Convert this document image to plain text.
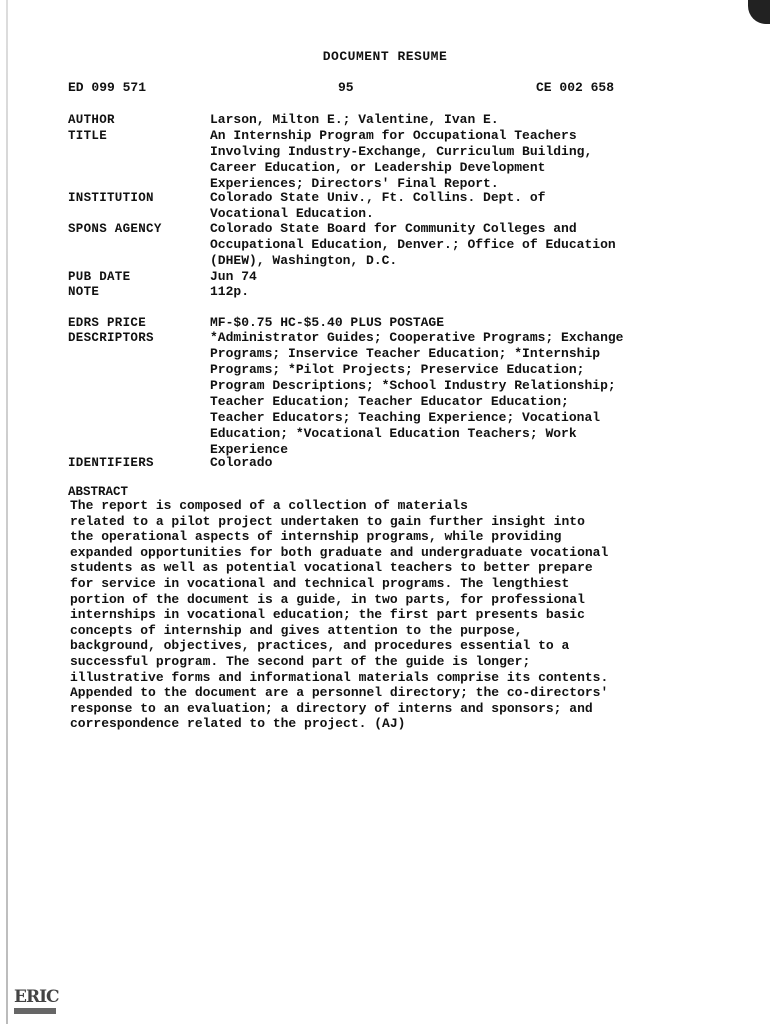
DOCUMENT RESUME
ED 099 571	95	CE 002 658
AUTHOR	Larson, Milton E.; Valentine, Ivan E.
TITLE	An Internship Program for Occupational Teachers
Involving Industry-Exchange, Curriculum Building,
Career Education, or Leadership Development
Experiences; Directors' Final Report.
INSTITUTION	Colorado State Univ., Ft. Collins. Dept. of
Vocational Education.
SPONS AGENCY	Colorado State Board for Community Colleges and
Occupational Education, Denver.; Office of Education
(DHEW), Washington, D.C.
PUB DATE	Jun 74
NOTE	112p.
EDRS PRICE	MF-$0.75 HC-$5.40 PLUS POSTAGE
DESCRIPTORS	*Administrator Guides; Cooperative Programs; Exchange
Programs; Inservice Teacher Education; *Internship
Programs; *Pilot Projects; Preservice Education;
Program Descriptions; *School Industry Relationship;
Teacher Education; Teacher Educator Education;
Teacher Educators; Teaching Experience; Vocational
Education; *Vocational Education Teachers; Work
Experience
IDENTIFIERS	Colorado
ABSTRACT
The report is composed of a collection of materials
related to a pilot project undertaken to gain further insight into
the operational aspects of internship programs, while providing
expanded opportunities for both graduate and undergraduate vocational
students as well as potential vocational teachers to better prepare
for service in vocational and technical programs. The lengthiest
portion of the document is a guide, in two parts, for professional
internships in vocational education; the first part presents basic
concepts of internship and gives attention to the purpose,
background, objectives, practices, and procedures essential to a
successful program. The second part of the guide is longer;
illustrative forms and informational materials comprise its contents.
Appended to the document are a personnel directory; the co-directors'
response to an evaluation; a directory of interns and sponsors; and
correspondence related to the project. (AJ)
ERIC
